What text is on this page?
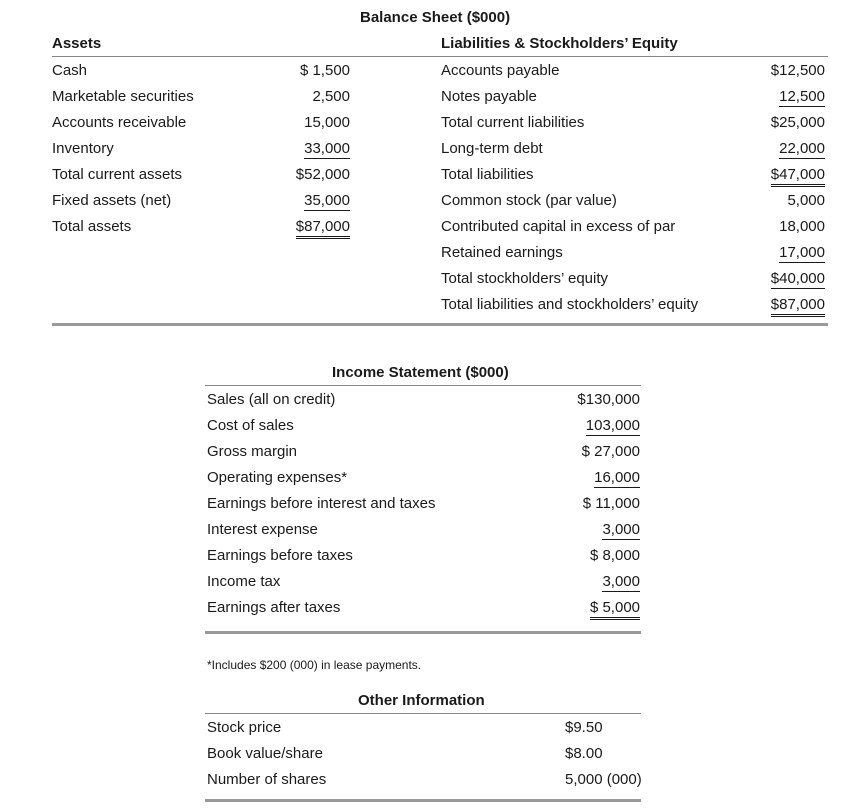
Balance Sheet ($000)
Assets	Liabilities & Stockholders’ Equity
Cash
Marketable securities
Accounts receivable
Inventory
Total current assets
Fixed assets (net)
Total assets
$ 1,500
2,500
15,000
33,000
$52,000
35,000
$87,000
Accounts payable
Notes payable
Total current liabilities
Long-term debt
Total liabilities
Common stock (par value)
Contributed capital in excess of par
Retained earnings
Total stockholders’ equity
Total liabilities and stockholders’ equity
$12,500
12,500
$25,000
22,000
$47,000
5,000
18,000
17,000
$40,000
$87,000
Income Statement ($000)
Sales (all on credit)
Cost of sales
Gross margin
Operating expenses*
Earnings before interest and taxes
Interest expense
Earnings before taxes
Income tax
Earnings after taxes
$130,000
103,000
$ 27,000
16,000
$ 11,000
3,000
$ 8,000
3,000
$ 5,000
*Includes $200 (000) in lease payments.
Other Information
Stock price
Book value/share
Number of shares
$9.50
$8.00
5,000 (000)
